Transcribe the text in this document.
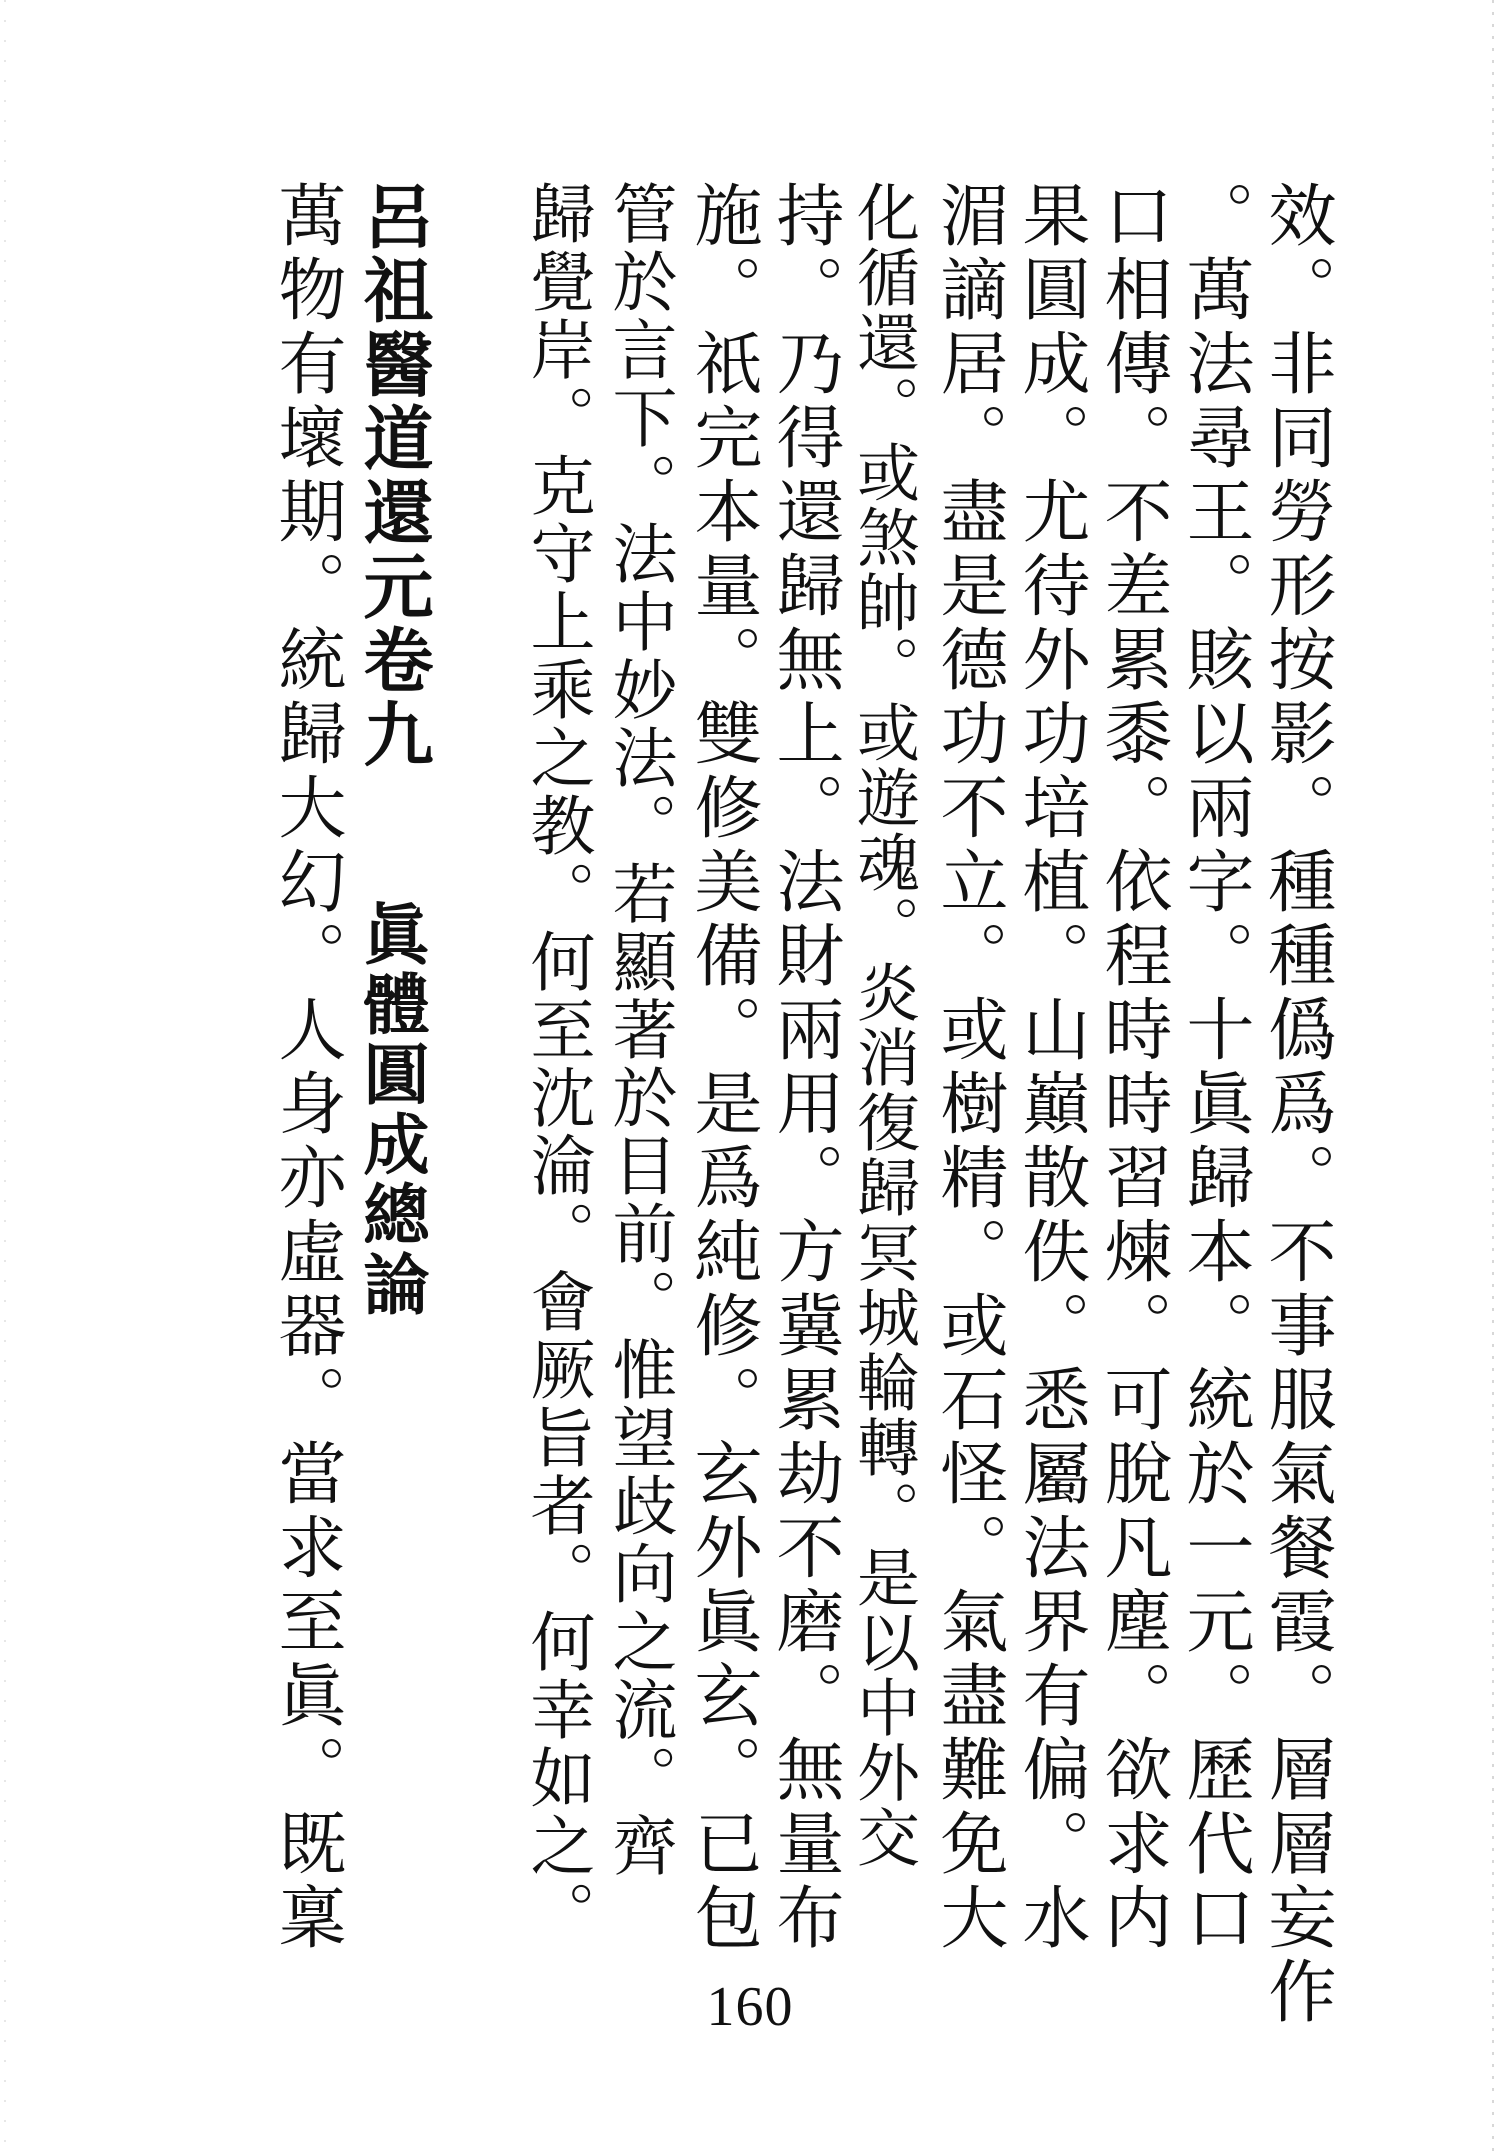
效。非同勞形按影。種種僞爲。不事服氣餐霞。層層妄作
。萬法尋王。賅以兩字。十眞歸本。統於一元。歷代口
口相傳。不差累黍。依程時時習煉。可脫凡塵。欲求内
果圓成。尤待外功培植。山巔散佚。悉屬法界有偏。水
湄謫居。盡是德功不立。或樹精。或石怪。氣盡難免大
化循還。或煞帥。或遊魂。炎消復歸冥城輪轉。是以中外交
持。乃得還歸無上。法財兩用。方冀累劫不磨。無量布
施。祇完本量。雙修美備。是爲純修。玄外眞玄。已包
管於言下。法中妙法。若顯著於目前。惟望歧向之流。齊
歸覺岸。克守上乘之教。何至沈淪。會厥旨者。何幸如之。
呂祖醫道還元卷九
眞體圓成總論
萬物有壞期。統歸大幻。人身亦虛器。當求至眞。既稟
160
